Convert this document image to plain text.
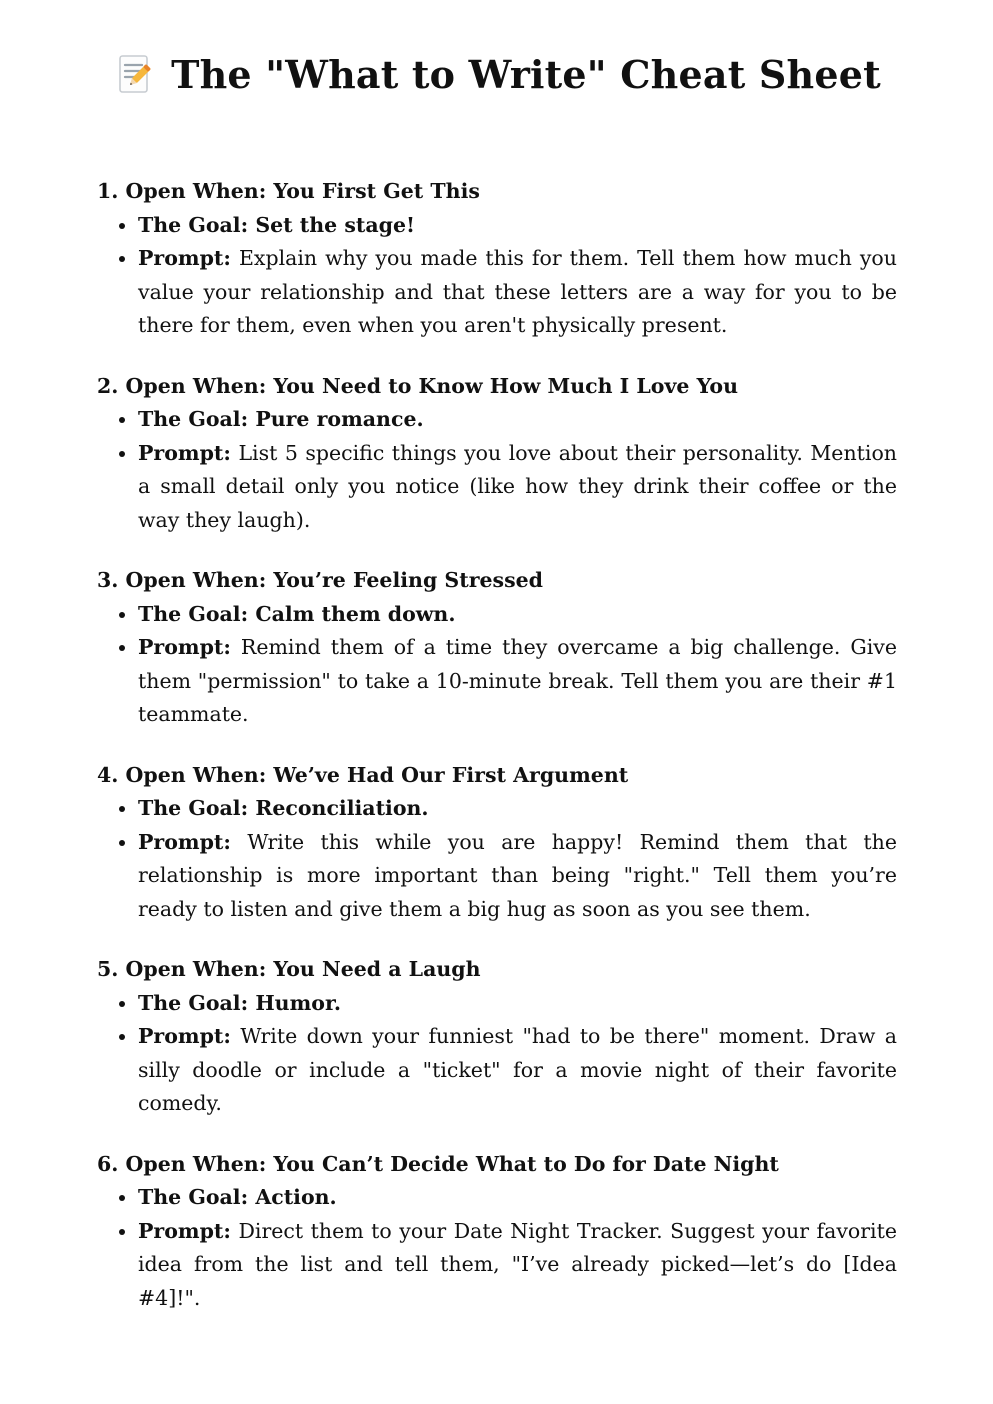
The "What to Write" Cheat Sheet

1. Open When: You First Get This

• The Goal: Set the stage!
• Prompt: Explain why you made this for them. Tell them how much you value your relationship and that these letters are a way for you to be there for them, even when you aren't physically present.

2. Open When: You Need to Know How Much I Love You

• The Goal: Pure romance.
• Prompt: List 5 specific things you love about their personality. Mention a small detail only you notice (like how they drink their coffee or the way they laugh).

3. Open When: You’re Feeling Stressed

• The Goal: Calm them down.
• Prompt: Remind them of a time they overcame a big challenge. Give them "permission" to take a 10-minute break. Tell them you are their #1 teammate.

4. Open When: We’ve Had Our First Argument

• The Goal: Reconciliation.
• Prompt: Write this while you are happy! Remind them that the relationship is more important than being "right." Tell them you’re ready to listen and give them a big hug as soon as you see them.

5. Open When: You Need a Laugh

• The Goal: Humor.
• Prompt: Write down your funniest "had to be there" moment. Draw a silly doodle or include a "ticket" for a movie night of their favorite comedy.

6. Open When: You Can’t Decide What to Do for Date Night

• The Goal: Action.
• Prompt: Direct them to your Date Night Tracker. Suggest your favorite idea from the list and tell them, "I’ve already picked—let’s do [Idea #4]!".
